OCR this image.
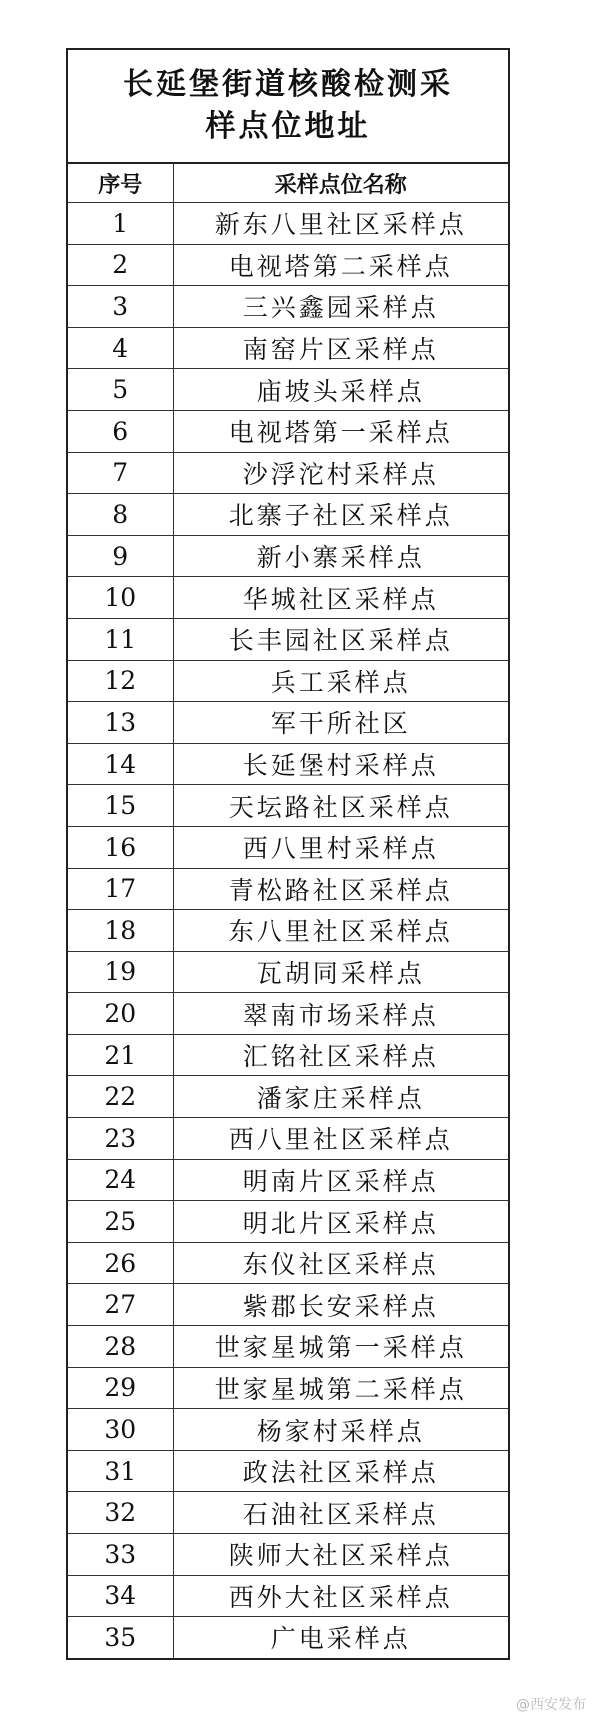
长延堡街道核酸检测采
样点位地址
序号	采样点位名称
1	新东八里社区采样点
2	电视塔第二采样点
3	三兴鑫园采样点
4	南窑片区采样点
5	庙坡头采样点
6	电视塔第一采样点
7	沙浮沱村采样点
8	北寨子社区采样点
9	新小寨采样点
10	华城社区采样点
11	长丰园社区采样点
12	兵工采样点
13	军干所社区
14	长延堡村采样点
15	天坛路社区采样点
16	西八里村采样点
17	青松路社区采样点
18	东八里社区采样点
19	瓦胡同采样点
20	翠南市场采样点
21	汇铭社区采样点
22	潘家庄采样点
23	西八里社区采样点
24	明南片区采样点
25	明北片区采样点
26	东仪社区采样点
27	紫郡长安采样点
28	世家星城第一采样点
29	世家星城第二采样点
30	杨家村采样点
31	政法社区采样点
32	石油社区采样点
33	陕师大社区采样点
34	西外大社区采样点
35	广电采样点
@西安发布
